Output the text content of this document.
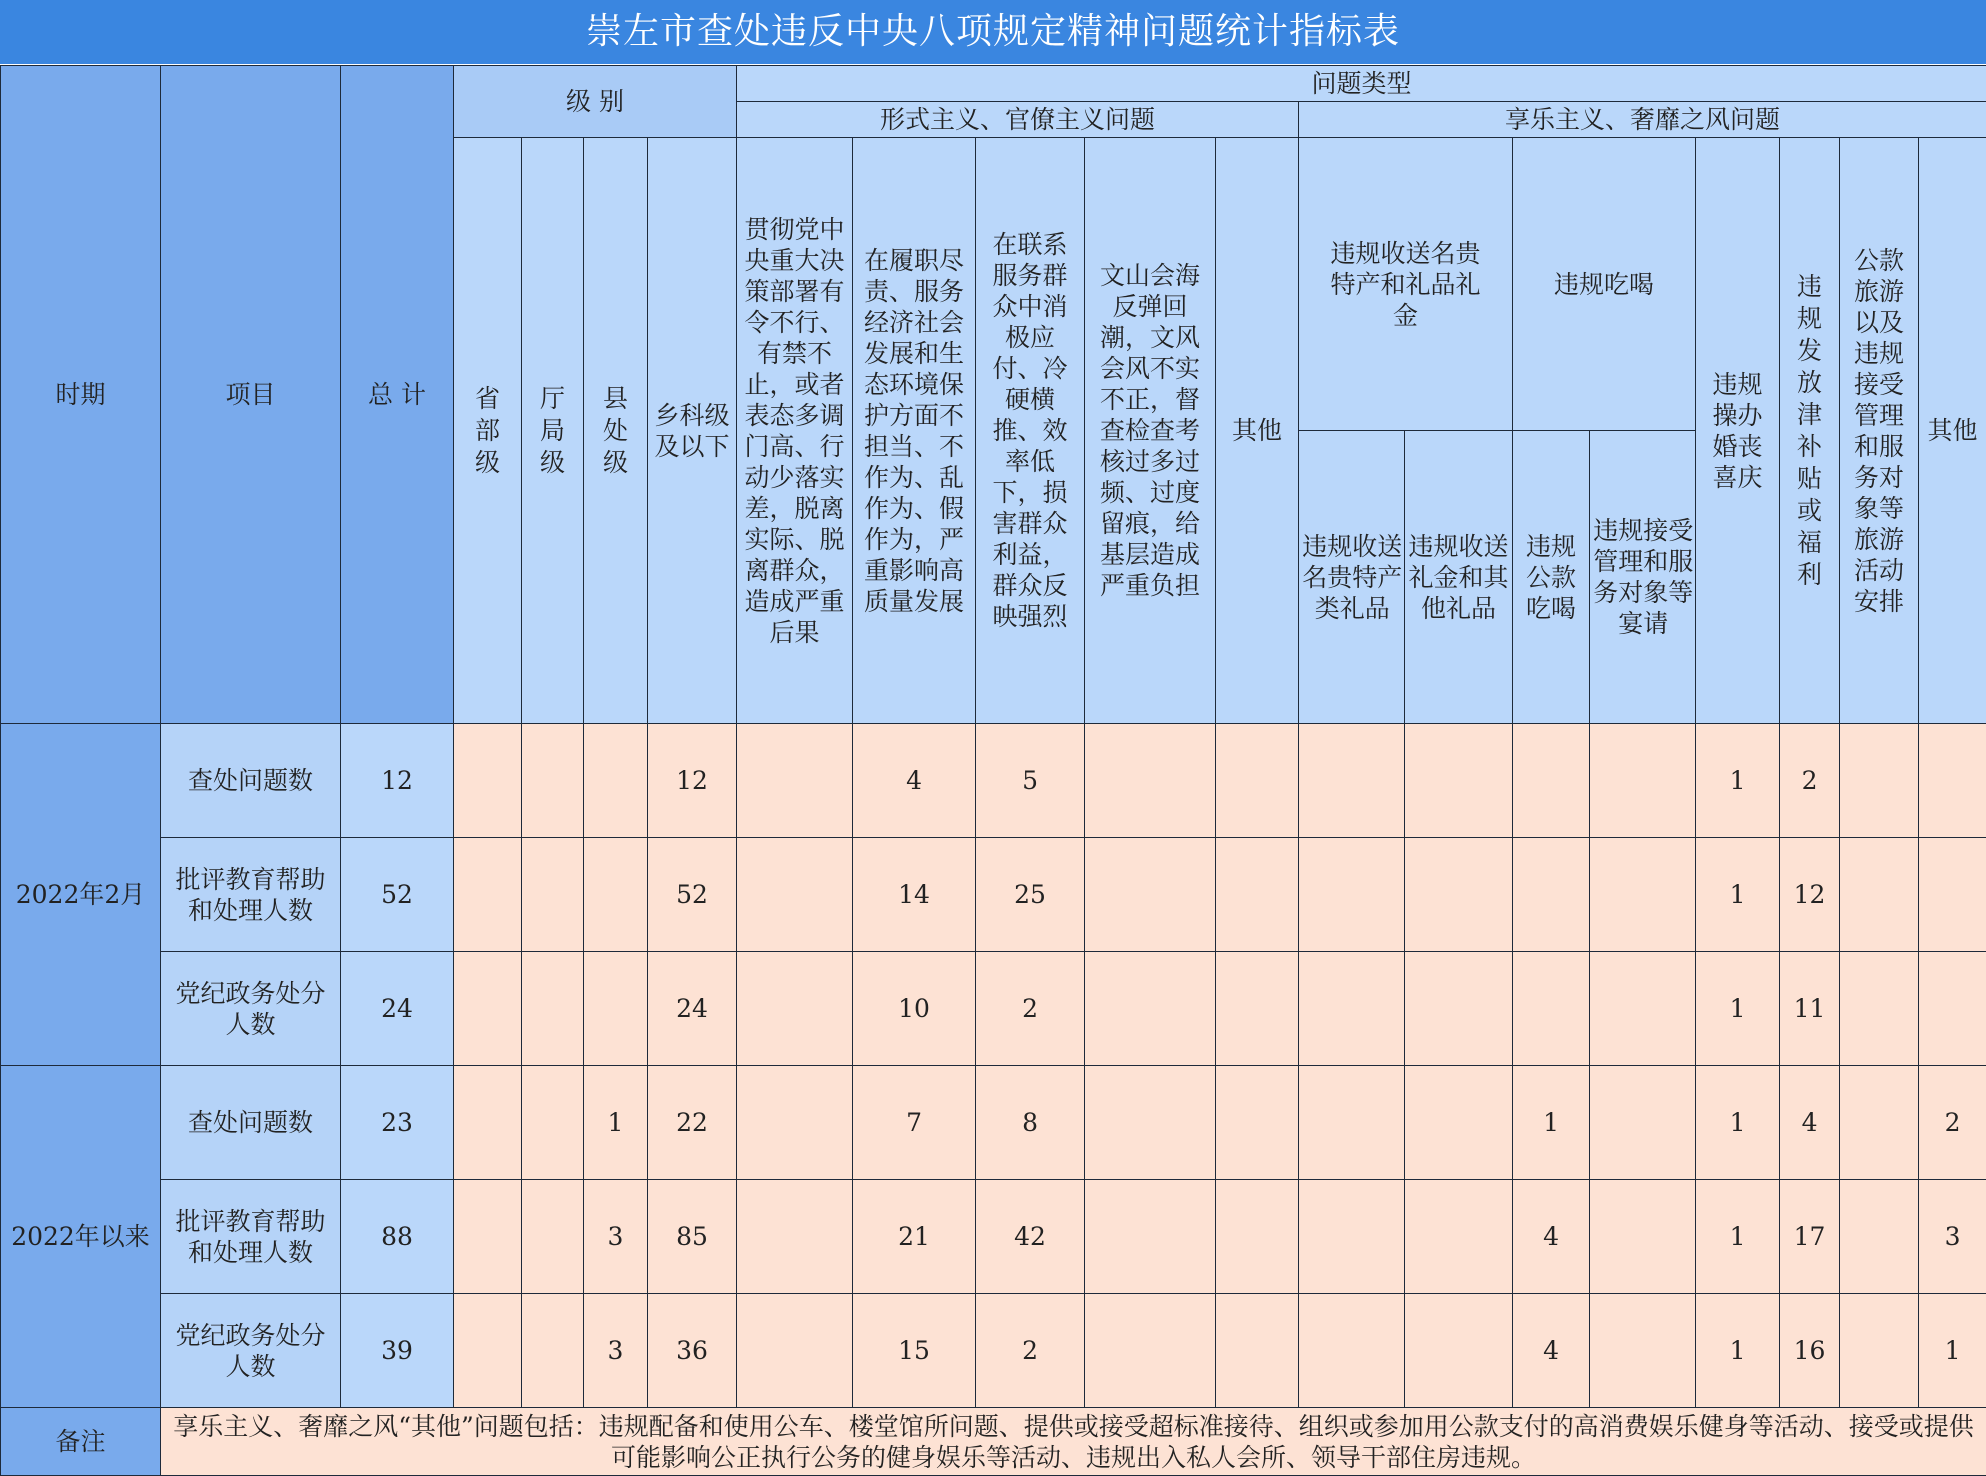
崇左市查处违反中央八项规定精神问题统计指标表
时期	项目	总 计	级 别				问题类型												
							形式主义、官僚主义问题					享乐主义、奢靡之风问题							
			省部级	厅局级	县处级	乡科级及以下	贯彻党中央重大决策部署有令不行、有禁不止，或者表态多调门高、行动少落实差，脱离实际、脱离群众，造成严重后果	在履职尽责、服务经济社会发展和生态环境保护方面不担当、不作为、乱作为、假作为，严重影响高质量发展	在联系服务群众中消极应付、冷硬横推、效率低下，损害群众利益，群众反映强烈	文山会海反弹回潮，文风会风不实不正，督查检查考核过多过频、过度留痕，给基层造成严重负担	其他	违规收送名贵特产和礼品礼金		违规吃喝		违规操办婚丧喜庆	违规发放津补贴或福利	公款旅游以及违规接受管理和服务对象等旅游活动安排	其他

												违规收送名贵特产类礼品	违规收送礼金和其他礼品	违规公款吃喝	违规接受管理和服务对象等宴请				

2022年2月	查处问题数	12				12		4	5							1	2		

	批评教育帮助和处理人数	52				52		14	25							1	12		

	党纪政务处分人数	24				24		10	2							1	11		
2022年以来	查处问题数	23			1	22		7	8					1		1	4		2

	批评教育帮助和处理人数	88			3	85		21	42					4		1	17		3

	党纪政务处分人数	39			3	36		15	2					4		1	16		1
备注	享乐主义、奢靡之风“其他”问题包括：违规配备和使用公车、楼堂馆所问题、提供或接受超标准接待、组织或参加用公款支付的高消费娱乐健身等活动、接受或提供可能影响公正执行公务的健身娱乐等活动、违规出入私人会所、领导干部住房违规。																		
